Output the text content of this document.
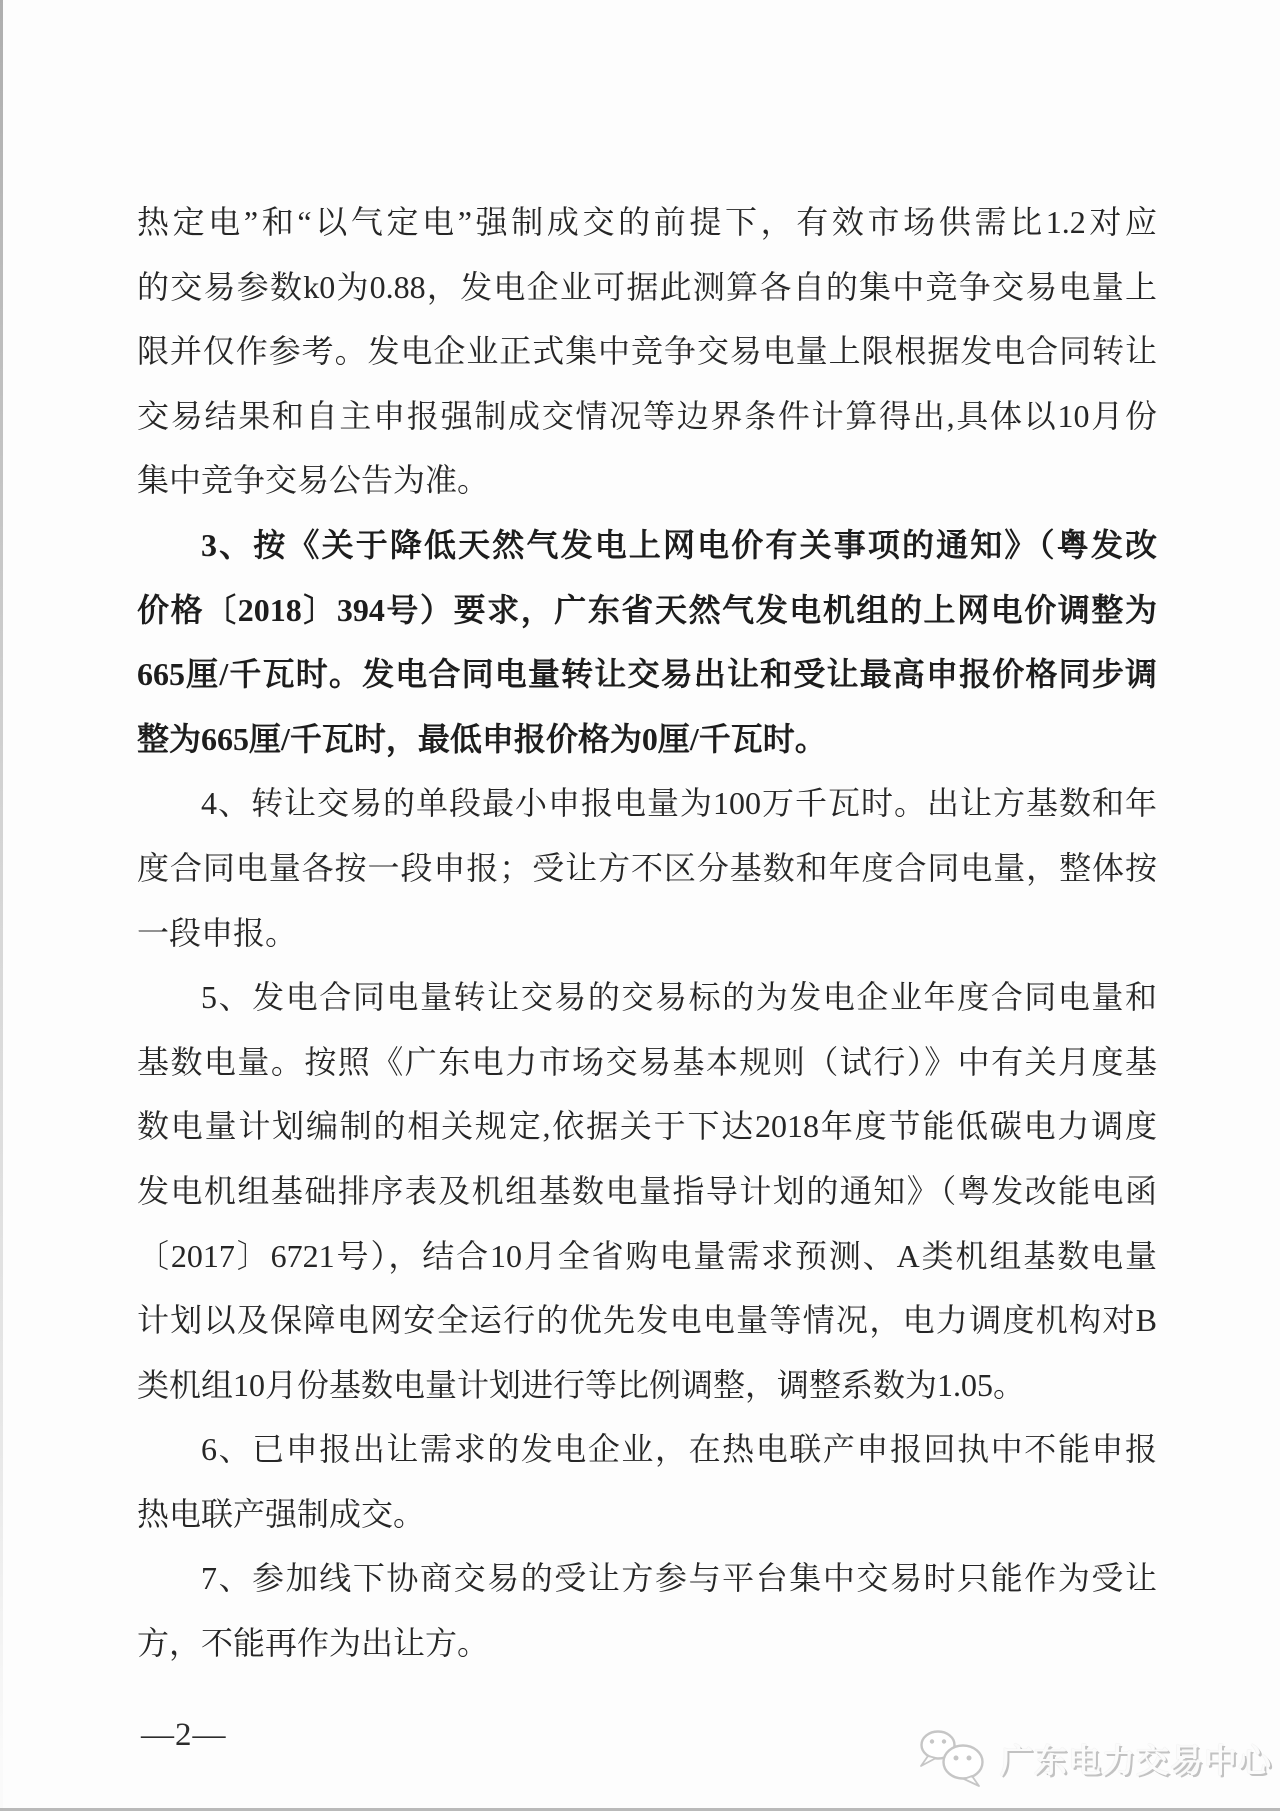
热定电”和“以气定电”强制成交的前提下，有效市场供需比1.2对应
的交易参数k0为0.88，发电企业可据此测算各自的集中竞争交易电量上
限并仅作参考。发电企业正式集中竞争交易电量上限根据发电合同转让
交易结果和自主申报强制成交情况等边界条件计算得出,具体以10月份
集中竞争交易公告为准。
3、按《关于降低天然气发电上网电价有关事项的通知》（粤发改
价格〔2018〕394号）要求，广东省天然气发电机组的上网电价调整为
665厘/千瓦时。发电合同电量转让交易出让和受让最高申报价格同步调
整为665厘/千瓦时，最低申报价格为0厘/千瓦时。
4、转让交易的单段最小申报电量为100万千瓦时。出让方基数和年
度合同电量各按一段申报；受让方不区分基数和年度合同电量，整体按
一段申报。
5、发电合同电量转让交易的交易标的为发电企业年度合同电量和
基数电量。按照《广东电力市场交易基本规则（试行）》中有关月度基
数电量计划编制的相关规定,依据关于下达2018年度节能低碳电力调度
发电机组基础排序表及机组基数电量指导计划的通知》（粤发改能电函
〔2017〕6721号），结合10月全省购电量需求预测、A类机组基数电量
计划以及保障电网安全运行的优先发电电量等情况，电力调度机构对B
类机组10月份基数电量计划进行等比例调整，调整系数为1.05。
6、已申报出让需求的发电企业，在热电联产申报回执中不能申报
热电联产强制成交。
7、参加线下协商交易的受让方参与平台集中交易时只能作为受让
方，不能再作为出让方。
—2—
广东电力交易中心
